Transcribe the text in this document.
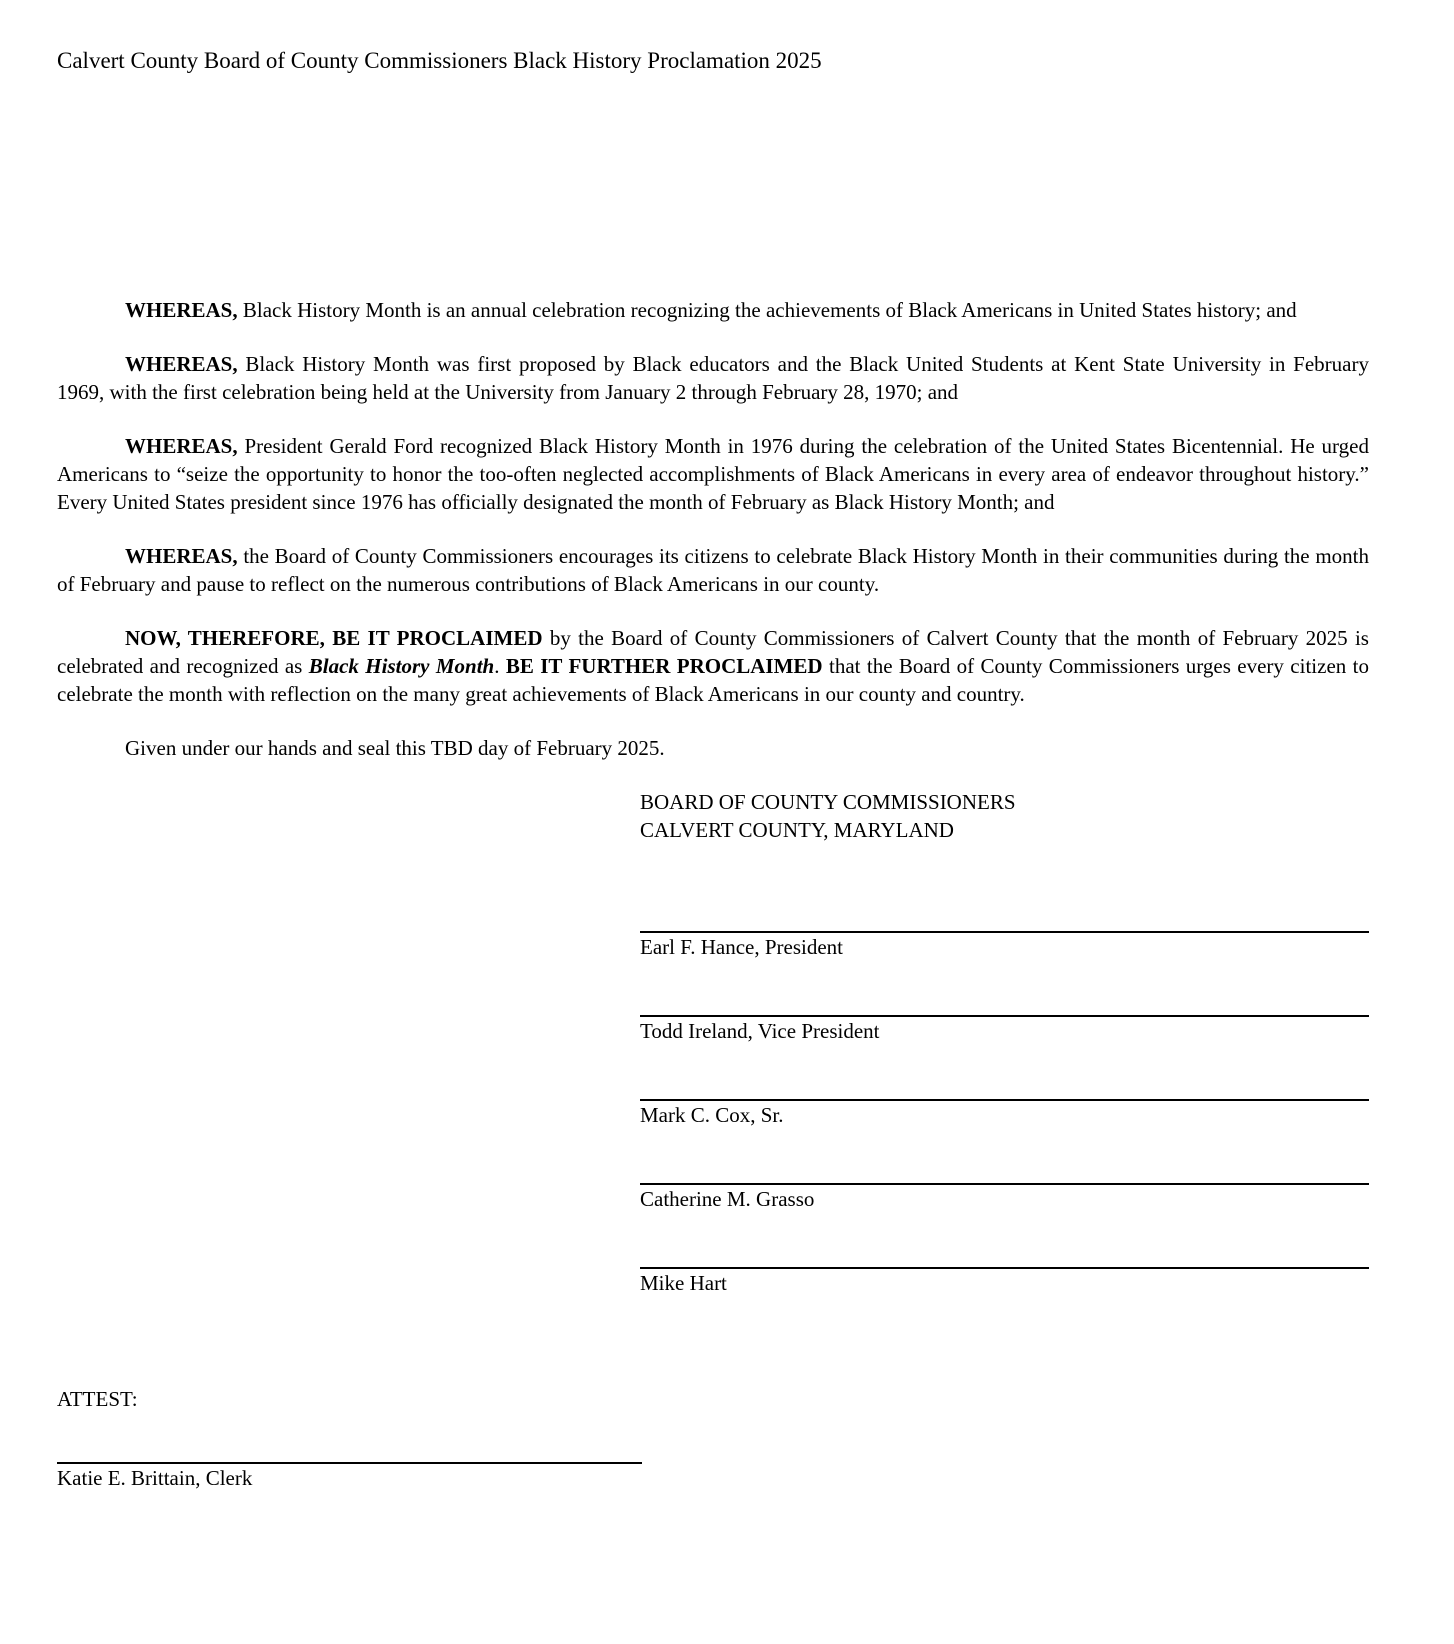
Calvert County Board of County Commissioners Black History Proclamation 2025

WHEREAS, Black History Month is an annual celebration recognizing the achievements of Black Americans in United States history; and

WHEREAS, Black History Month was first proposed by Black educators and the Black United Students at Kent State University in February 1969, with the first celebration being held at the University from January 2 through February 28, 1970; and

WHEREAS, President Gerald Ford recognized Black History Month in 1976 during the celebration of the United States Bicentennial. He urged Americans to “seize the opportunity to honor the too-often neglected accomplishments of Black Americans in every area of endeavor throughout history.” Every United States president since 1976 has officially designated the month of February as Black History Month; and

WHEREAS, the Board of County Commissioners encourages its citizens to celebrate Black History Month in their communities during the month of February and pause to reflect on the numerous contributions of Black Americans in our county.

NOW, THEREFORE, BE IT PROCLAIMED by the Board of County Commissioners of Calvert County that the month of February 2025 is celebrated and recognized as Black History Month. BE IT FURTHER PROCLAIMED that the Board of County Commissioners urges every citizen to celebrate the month with reflection on the many great achievements of Black Americans in our county and country.

Given under our hands and seal this TBD day of February 2025.

BOARD OF COUNTY COMMISSIONERS
CALVERT COUNTY, MARYLAND
Earl F. Hance, President
Todd Ireland, Vice President
Mark C. Cox, Sr.
Catherine M. Grasso
Mike Hart
ATTEST:
Katie E. Brittain, Clerk
